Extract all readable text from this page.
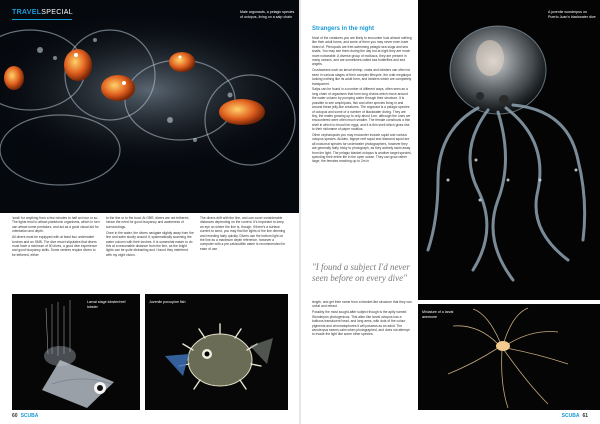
TRAVELSPECIAL	Male argonauts, a pelagic species of octopus, living on a salp chain

'soak' for anything from a few minutes to half an hour or so. The lights tend to attract planktonic organisms, which in turn can attract some predators, and act as a good visual aid for orientation and depth.

All divers must be equipped with at least two underwater torches and an SMB. The dive resort stipulates that divers must have a minimum of 50 dives, a good dive experience and good buoyancy skills. Some centres require divers to be tethered, either

to the line or to the boat. At GBR, divers are not tethered, hence the need for good buoyancy and awareness of surroundings.

Once in the water, the divers navigate slightly away from the line and swim slowly around it, systematically scanning the water column with their torches. It is somewhat easier to do this at a reasonable distance from the line, as the bright lights can be quite distracting and I found they interfered with my night vision.

The divers drift with the line, and can cover considerable distances depending on the current. It's important to keep an eye on where the line is, though, if there's a surface current to send, you may find the lights of the line dimming and receding fairly quickly. Divers use the bottom light on the line as a maximum depth reference, however a computer with a pre-set/audible alarm is recommended for ease of use.

Larval stage lobster/reef lobster
Juvenile porcupine fish
60 SCUBA
Strangers in the night

Most of the creatures you are likely to encounter look almost nothing like their adult forms, and some of them you may never even have heard of. Pteropods are free-swimming pelagic sea slugs and sea snails. You may see them during the day but at night they are much more noticeable. A diverse group of molluscs, they are present in many oceans, and are sometimes called sea butterflies and sea angels.

Crustaceans such as larval shrimp, crabs and lobsters can often be seen in various stages of their complex lifecycle, the crab megalopa looking nothing like its adult form, and lobsters which are completely transparent.

Salps can be found in a number of different ways, often seen as a long chain of organisms that form long chains which move around the water column by pumping water through their structure. It is possible to see amphipods, fish and other species living in and around these jelly-like creatures. The argonaut is a pelagic species of octopus and some of a number of blackwater diving. They are tiny, the males growing up to only about 1cm, although the ones we encountered were often much smaller. The female constructs a thin shell in which to brood her eggs, and it is this shell which gives rise to their nickname of paper nautilus.

Other cephalopods you may encounter include squid and various octopus species. Alcides, bigeye reef squid and diamond squid are all nocturnal species for underwater photographers, however they are generally fairly tricky to photograph, as they actively swim away from the light. The pelagic blanket octopus is another target species, spending their entire life in the open ocean. They can grow rather large, the females reaching up to 2m in

"I found a subject I'd never seen before on every dive"

length, and get their name from a blanket-like structure that they can unfurl and retract.

Possibly the most sought-after subject though is the aptly named Wunderpus photogenicus. This alien-like larval octopus has a bulbous translucent head, and long arms, with dots of the colour pigments and chromatophores it will possess as an adult. The wunderpus seems calm when photographed, and does not attempt to evade the light like some other species.

A juvenile wunderpus on Puerto Juan's blackwater dive
Miniature of a larval anemone
SCUBA 61
